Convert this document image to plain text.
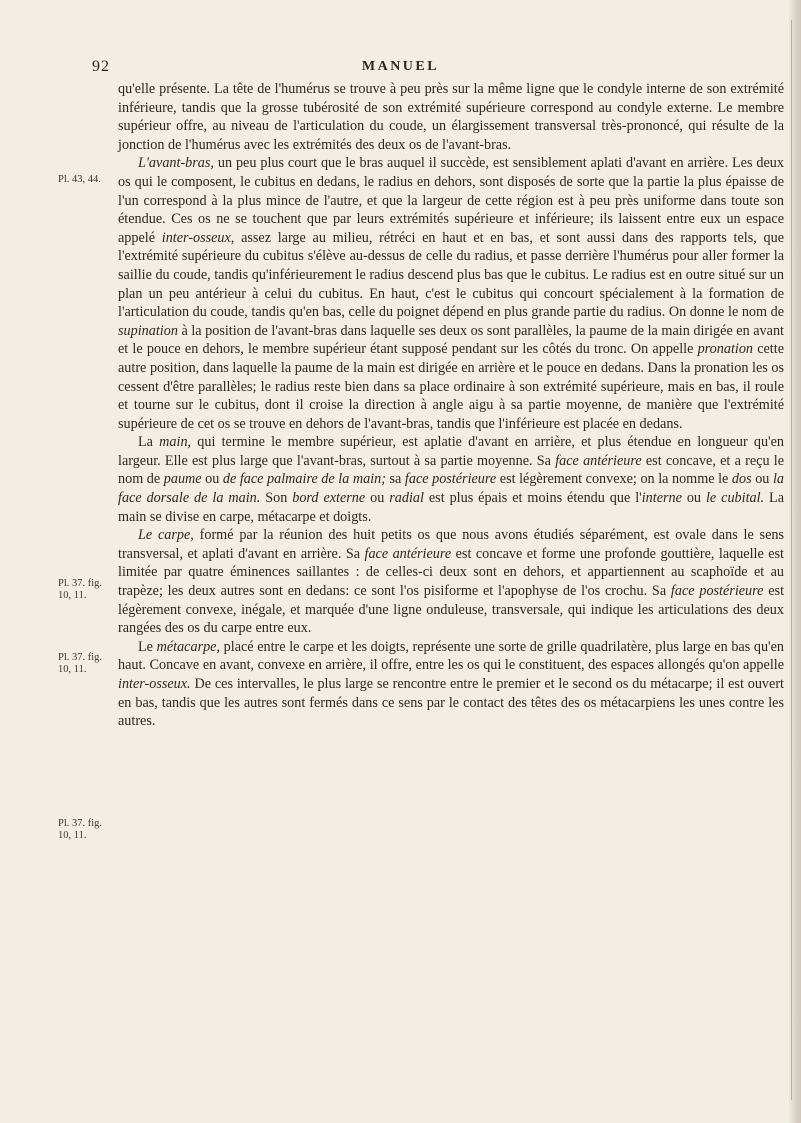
92	MANUEL
Pl. 43, 44.
Pl. 37. fig. 10, 11.
Pl. 37. fig. 10, 11.
Pl. 37. fig. 10, 11.

qu'elle présente. La tête de l'humérus se trouve à peu près sur la même ligne que le condyle interne de son extrémité inférieure, tandis que la grosse tubérosité de son extrémité supérieure correspond au condyle externe. Le membre supérieur offre, au niveau de l'articulation du coude, un élargissement transversal très-prononcé, qui résulte de la jonction de l'humérus avec les extrémités des deux os de l'avant-bras.

L'avant-bras, un peu plus court que le bras auquel il succède, est sensiblement aplati d'avant en arrière. Les deux os qui le composent, le cubitus en dedans, le radius en dehors, sont disposés de sorte que la partie la plus épaisse de l'un correspond à la plus mince de l'autre, et que la largeur de cette région est à peu près uniforme dans toute son étendue. Ces os ne se touchent que par leurs extrémités supérieure et inférieure; ils laissent entre eux un espace appelé inter-osseux, assez large au milieu, rétréci en haut et en bas, et sont aussi dans des rapports tels, que l'extrémité supérieure du cubitus s'élève au-dessus de celle du radius, et passe derrière l'humérus pour aller former la saillie du coude, tandis qu'inférieurement le radius descend plus bas que le cubitus. Le radius est en outre situé sur un plan un peu antérieur à celui du cubitus. En haut, c'est le cubitus qui concourt spécialement à la formation de l'articulation du coude, tandis qu'en bas, celle du poignet dépend en plus grande partie du radius. On donne le nom de supination à la position de l'avant-bras dans laquelle ses deux os sont parallèles, la paume de la main dirigée en avant et le pouce en dehors, le membre supérieur étant supposé pendant sur les côtés du tronc. On appelle pronation cette autre position, dans laquelle la paume de la main est dirigée en arrière et le pouce en dedans. Dans la pronation les os cessent d'être parallèles; le radius reste bien dans sa place ordinaire à son extrémité supérieure, mais en bas, il roule et tourne sur le cubitus, dont il croise la direction à angle aigu à sa partie moyenne, de manière que l'extrémité supérieure de cet os se trouve en dehors de l'avant-bras, tandis que l'inférieure est placée en dedans.

La main, qui termine le membre supérieur, est aplatie d'avant en arrière, et plus étendue en longueur qu'en largeur. Elle est plus large que l'avant-bras, surtout à sa partie moyenne. Sa face antérieure est concave, et a reçu le nom de paume ou de face palmaire de la main; sa face postérieure est légèrement convexe; on la nomme le dos ou la face dorsale de la main. Son bord externe ou radial est plus épais et moins étendu que l'interne ou le cubital. La main se divise en carpe, métacarpe et doigts.

Le carpe, formé par la réunion des huit petits os que nous avons étudiés séparément, est ovale dans le sens transversal, et aplati d'avant en arrière. Sa face antérieure est concave et forme une profonde gouttière, laquelle est limitée par quatre éminences saillantes : de celles-ci deux sont en dehors, et appartiennent au scaphoïde et au trapèze; les deux autres sont en dedans: ce sont l'os pisiforme et l'apophyse de l'os crochu. Sa face postérieure est légèrement convexe, inégale, et marquée d'une ligne onduleuse, transversale, qui indique les articulations des deux rangées des os du carpe entre eux.

Le métacarpe, placé entre le carpe et les doigts, représente une sorte de grille quadrilatère, plus large en bas qu'en haut. Concave en avant, convexe en arrière, il offre, entre les os qui le constituent, des espaces allongés qu'on appelle inter-osseux. De ces intervalles, le plus large se rencontre entre le premier et le second os du métacarpe; il est ouvert en bas, tandis que les autres sont fermés dans ce sens par le contact des têtes des os métacarpiens les unes contre les autres.
